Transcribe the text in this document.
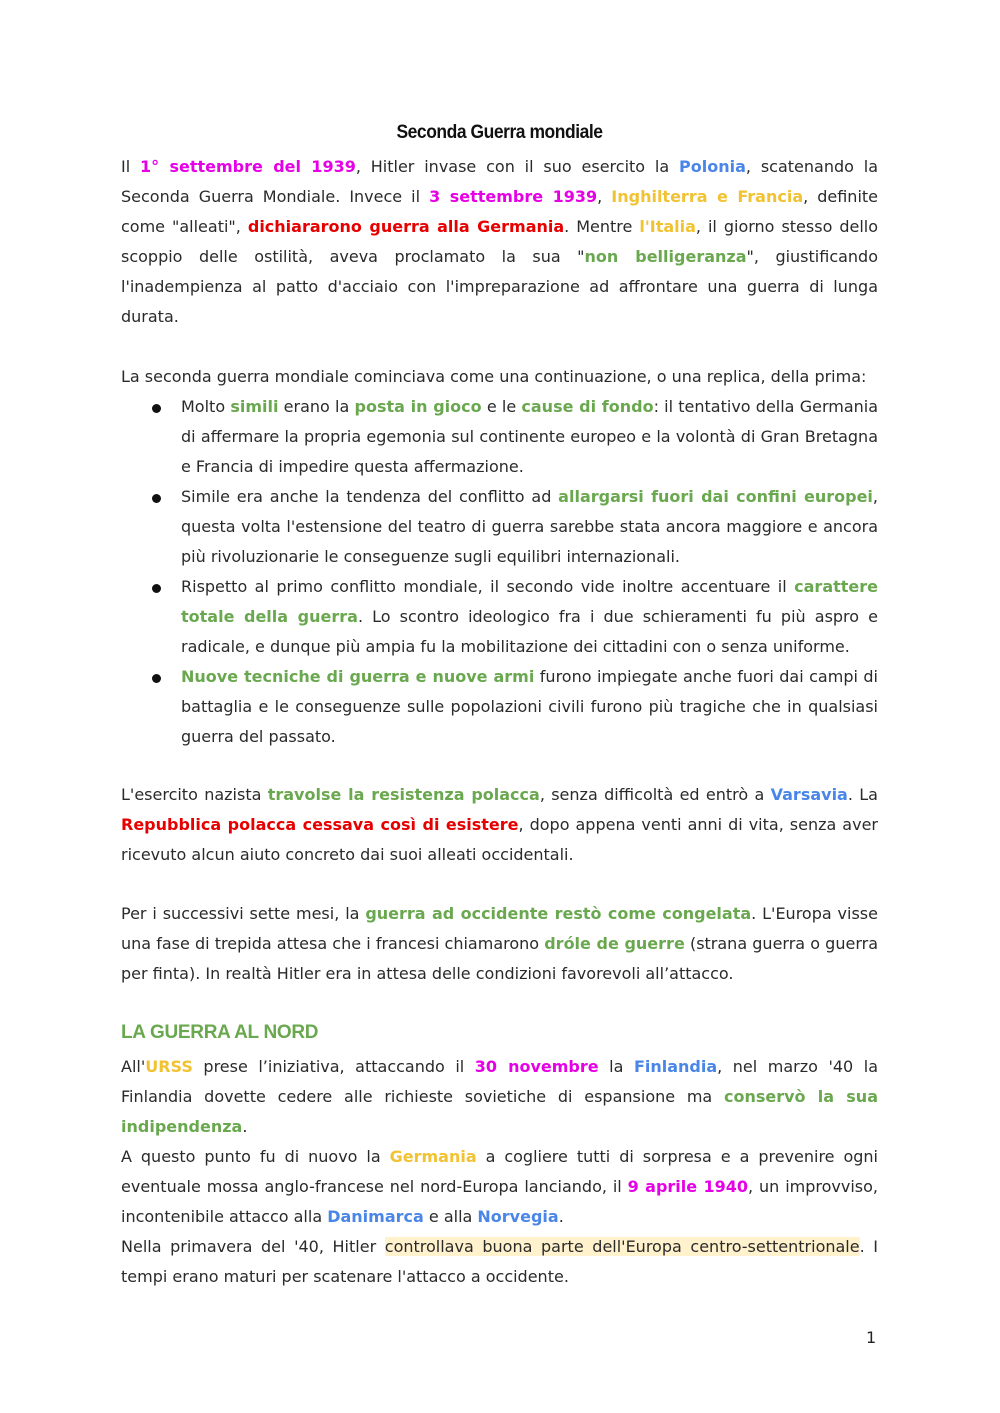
Seconda Guerra mondiale

Il 1° settembre del 1939, Hitler invase con il suo esercito la Polonia, scatenando la Seconda Guerra Mondiale. Invece il 3 settembre 1939, Inghilterra e Francia, definite come "alleati", dichiararono guerra alla Germania. Mentre l'Italia, il giorno stesso dello scoppio delle ostilità, aveva proclamato la sua "non belligeranza", giustificando l'inadempienza al patto d'acciaio con l'impreparazione ad affrontare una guerra di lunga durata.

La seconda guerra mondiale cominciava come una continuazione, o una replica, della prima:

Molto simili erano la posta in gioco e le cause di fondo: il tentativo della Germania di affermare la propria egemonia sul continente europeo e la volontà di Gran Bretagna e Francia di impedire questa affermazione.
Simile era anche la tendenza del conflitto ad allargarsi fuori dai confini europei, questa volta l'estensione del teatro di guerra sarebbe stata ancora maggiore e ancora più rivoluzionarie le conseguenze sugli equilibri internazionali.
Rispetto al primo conflitto mondiale, il secondo vide inoltre accentuare il carattere totale della guerra. Lo scontro ideologico fra i due schieramenti fu più aspro e radicale, e dunque più ampia fu la mobilitazione dei cittadini con o senza uniforme.
Nuove tecniche di guerra e nuove armi furono impiegate anche fuori dai campi di battaglia e le conseguenze sulle popolazioni civili furono più tragiche che in qualsiasi guerra del passato.

L'esercito nazista travolse la resistenza polacca, senza difficoltà ed entrò a Varsavia. La Repubblica polacca cessava così di esistere, dopo appena venti anni di vita, senza aver ricevuto alcun aiuto concreto dai suoi alleati occidentali.

Per i successivi sette mesi, la guerra ad occidente restò come congelata. L'Europa visse una fase di trepida attesa che i francesi chiamarono dróle de guerre (strana guerra o guerra per finta). In realtà Hitler era in attesa delle condizioni favorevoli all’attacco.

LA GUERRA AL NORD

All'URSS prese l’iniziativa, attaccando il 30 novembre la Finlandia, nel marzo '40 la Finlandia dovette cedere alle richieste sovietiche di espansione ma conservò la sua indipendenza.

A questo punto fu di nuovo la Germania a cogliere tutti di sorpresa e a prevenire ogni eventuale mossa anglo-francese nel nord-Europa lanciando, il 9 aprile 1940, un improvviso, incontenibile attacco alla Danimarca e alla Norvegia.

Nella primavera del '40, Hitler controllava buona parte dell'Europa centro-settentrionale. I tempi erano maturi per scatenare l'attacco a occidente.

1
